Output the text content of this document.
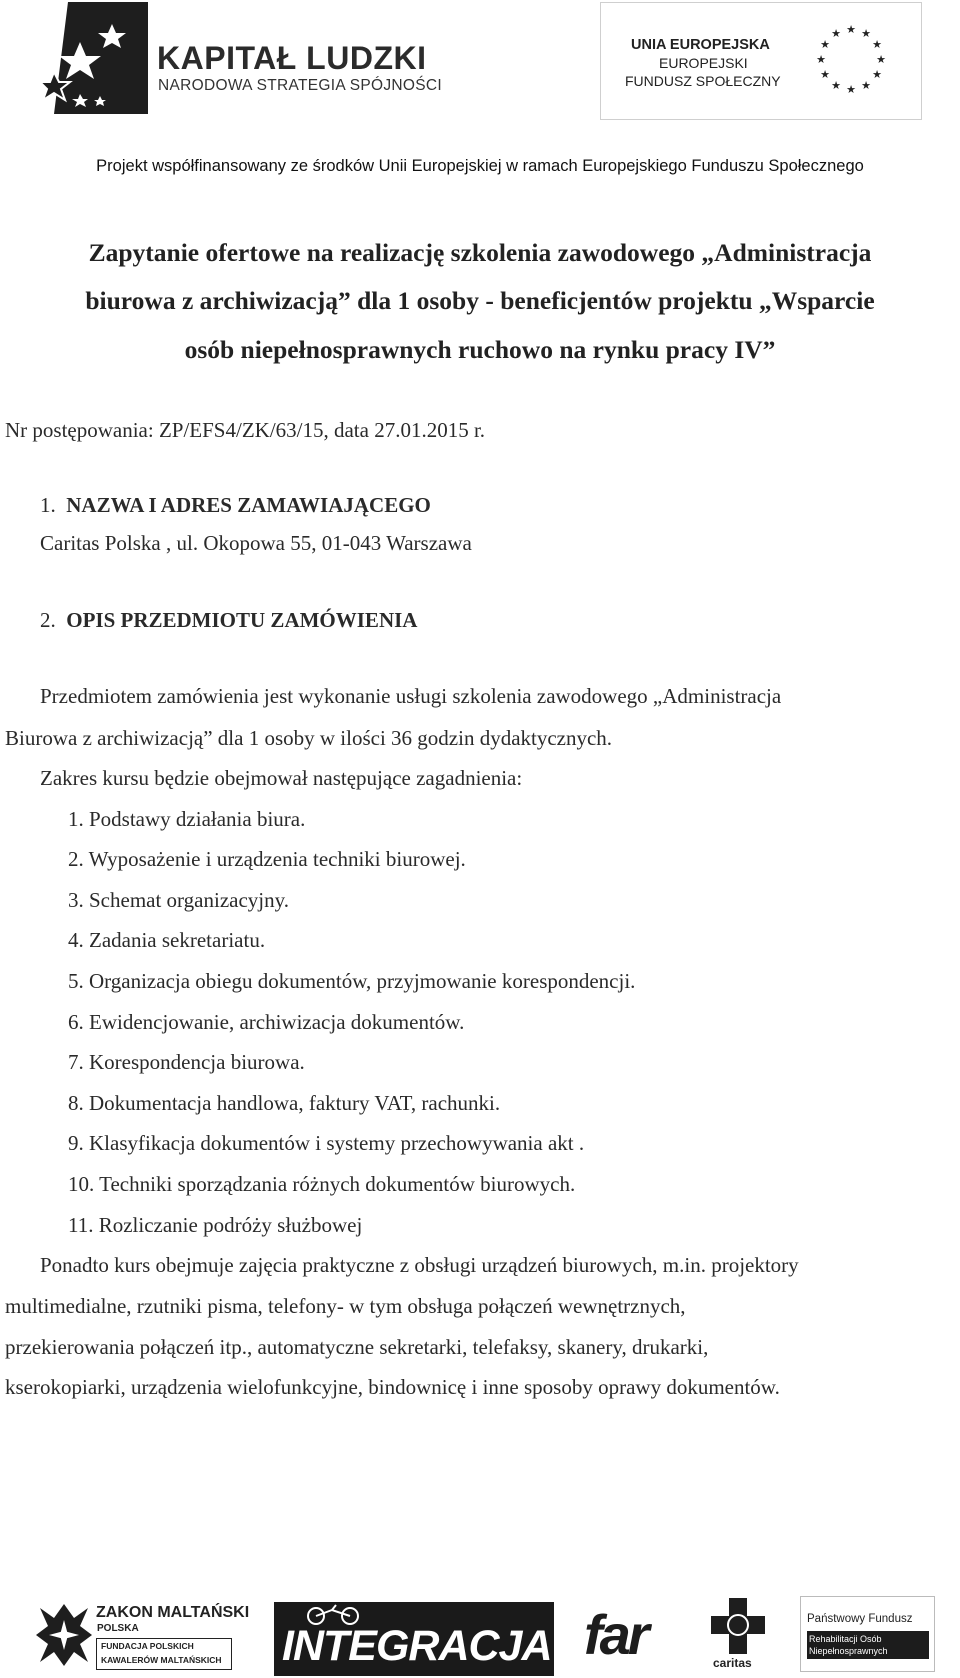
KAPITAŁ LUDZKI
NARODOWA STRATEGIA SPÓJNOŚCI
UNIA EUROPEJSKA
EUROPEJSKI
FUNDUSZ SPOŁECZNY
★ ★
★
★
★
★
★
★
★
★
★
★
Projekt współfinansowany ze środków Unii Europejskiej w ramach Europejskiego Funduszu Społecznego
Zapytanie ofertowe na realizację szkolenia zawodowego „Administracja
biurowa z archiwizacją” dla 1 osoby - beneficjentów projektu „Wsparcie
osób niepełnosprawnych ruchowo na rynku pracy IV”
Nr postępowania: ZP/EFS4/ZK/63/15, data 27.01.2015 r.
1. NAZWA I ADRES ZAMAWIAJĄCEGO
Caritas Polska , ul. Okopowa 55, 01-043 Warszawa
2. OPIS PRZEDMIOTU ZAMÓWIENIA
Przedmiotem zamówienia jest wykonanie usługi szkolenia zawodowego „Administracja
Biurowa z archiwizacją” dla 1 osoby w ilości 36 godzin dydaktycznych.
Zakres kursu będzie obejmował następujące zagadnienia:
1. Podstawy działania biura.
2. Wyposażenie i urządzenia techniki biurowej.
3. Schemat organizacyjny.
4. Zadania sekretariatu.
5. Organizacja obiegu dokumentów, przyjmowanie korespondencji.
6. Ewidencjowanie, archiwizacja dokumentów.
7. Korespondencja biurowa.
8. Dokumentacja handlowa, faktury VAT, rachunki.
9. Klasyfikacja dokumentów i systemy przechowywania akt .
10. Techniki sporządzania różnych dokumentów biurowych.
11. Rozliczanie podróży służbowej
Ponadto kurs obejmuje zajęcia praktyczne z obsługi urządzeń biurowych, m.in. projektory
multimedialne, rzutniki pisma, telefony- w tym obsługa połączeń wewnętrznych,
przekierowania połączeń itp., automatyczne sekretarki, telefaksy, skanery, drukarki,
kserokopiarki, urządzenia wielofunkcyjne, bindownicę i inne sposoby oprawy dokumentów.
ZAKON MALTAŃSKI
POLSKA
FUNDACJA POLSKICH
KAWALERÓW MALTAŃSKICH INTEGRACJA far	caritas
Państwowy Fundusz
Rehabilitacji Osób
Niepełnosprawnych
